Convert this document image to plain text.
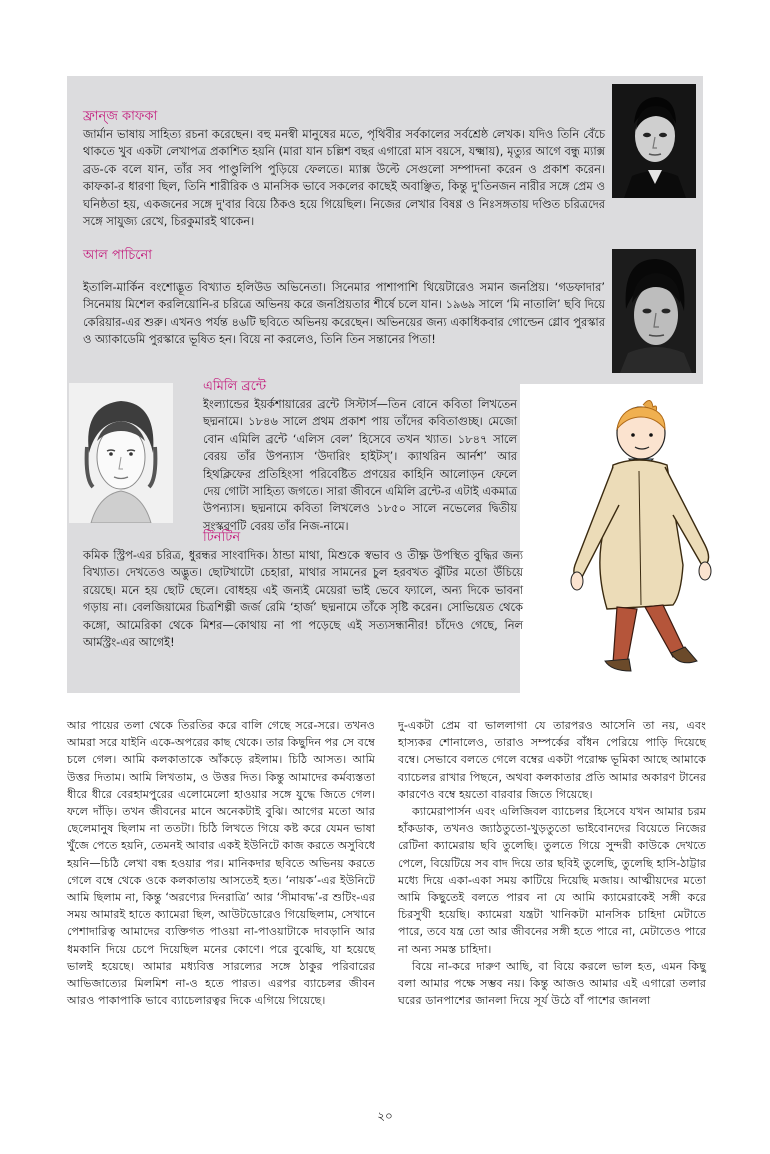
ফ্রান্জ কাফকা

জার্মান ভাষায় সাহিত্য রচনা করেছেন। বহু মনস্বী মানুষের মতে, পৃথিবীর সর্বকালের সর্বশ্রেষ্ঠ লেখক। যদিও তিনি বেঁচে থাকতে খুব একটা লেখাপত্র প্রকাশিত হয়নি (মারা যান চল্লিশ বছর এগারো মাস বয়সে, যক্ষ্মায়), মৃত্যুর আগে বন্ধু ম্যাক্স ব্রড-কে বলে যান, তাঁর সব পাণ্ডুলিপি পুড়িয়ে ফেলতে। ম্যাক্স উল্টে সেগুলো সম্পাদনা করেন ও প্রকাশ করেন। কাফকা-র ধারণা ছিল, তিনি শারীরিক ও মানসিক ভাবে সকলের কাছেই অবাঞ্ছিত, কিন্তু দু'তিনজন নারীর সঙ্গে প্রেম ও ঘনিষ্ঠতা হয়, একজনের সঙ্গে দু'বার বিয়ে ঠিকও হয়ে গিয়েছিল। নিজের লেখার বিষণ্ণ ও নিঃসঙ্গতায় দণ্ডিত চরিত্রদের সঙ্গে সাযুজ্য রেখে, চিরকুমারই থাকেন।

আল পাচিনো

ইতালি-মার্কিন বংশোদ্ভূত বিখ্যাত হলিউড অভিনেতা। সিনেমার পাশাপাশি থিয়েটারেও সমান জনপ্রিয়। ‘গডফাদার’ সিনেমায় মিশেল করলিয়োনি-র চরিত্রে অভিনয় করে জনপ্রিয়তার শীর্ষে চলে যান। ১৯৬৯ সালে ‘মি নাতালি’ ছবি দিয়ে কেরিয়ার-এর শুরু। এখনও পর্যন্ত ৪৬টি ছবিতে অভিনয় করেছেন। অভিনয়ের জন্য একাধিকবার গোল্ডেন গ্লোব পুরস্কার ও অ্যাকাডেমি পুরস্কারে ভূষিত হন। বিয়ে না করলেও, তিনি তিন সন্তানের পিতা!

এমিলি ব্রন্টে

ইংল্যান্ডের ইয়র্কশায়ারের ব্রন্টে সিস্টার্স—তিন বোনে কবিতা লিখতেন ছদ্মনামে। ১৮৪৬ সালে প্রথম প্রকাশ পায় তাঁদের কবিতাগুচ্ছ। মেজো বোন এমিলি ব্রন্টে ‘এলিস বেল’ হিসেবে তখন খ্যাত। ১৮৪৭ সালে বেরয় তাঁর উপন্যাস ‘উদারিং হাইটস্’। ক্যাথরিন আর্নশ’ আর হিথক্লিফের প্রতিহিংসা পরিবেষ্টিত প্রণয়ের কাহিনি আলোড়ন ফেলে দেয় গোটা সাহিত্য জগতে। সারা জীবনে এমিলি ব্রন্টে-র এটাই একমাত্র উপন্যাস। ছদ্মনামে কবিতা লিখলেও ১৮৫০ সালে নভেলের দ্বিতীয় সংস্করণটি বেরয় তাঁর নিজ-নামে।

টিনটিন

কমিক স্ট্রিপ-এর চরিত্র, ধুরন্ধর সাংবাদিক। ঠান্ডা মাথা, মিশুকে স্বভাব ও তীক্ষ্ণ উপস্থিত বুদ্ধির জন্য বিখ্যাত। দেখতেও অদ্ভুত। ছোটখাটো চেহারা, মাথার সামনের চুল হরবখত ঝুঁটির মতো উঁচিয়ে রয়েছে। মনে হয় ছোট ছেলে। বোধহয় এই জন্যই মেয়েরা ভাই ভেবে ফ্যালে, অন্য দিকে ভাবনা গড়ায় না। বেলজিয়ামের চিত্রশিল্পী জর্জ রেমি ‘হার্জ’ ছদ্মনামে তাঁকে সৃষ্টি করেন। সোভিয়েত থেকে কঙ্গো, আমেরিকা থেকে মিশর—কোথায় না পা পড়েছে এই সত্যসন্ধানীর! চাঁদেও গেছে, নিল আর্মস্ট্রং-এর আগেই!

আর পায়ের তলা থেকে তিরতির করে বালি গেছে সরে-সরে। তখনও আমরা সরে যাইনি একে-অপরের কাছ থেকে। তার কিছুদিন পর সে বম্বে চলে গেল। আমি কলকাতাকে আঁকড়ে রইলাম। চিঠি আসত। আমি উত্তর দিতাম। আমি লিখতাম, ও উত্তর দিত। কিন্তু আমাদের কর্মব্যস্ততা ধীরে ধীরে বেরহামপুরের এলোমেলো হাওয়ার সঙ্গে যুদ্ধে জিতে গেল। ফলে দাঁড়ি। তখন জীবনের মানে অনেকটাই বুঝি। আগের মতো আর ছেলেমানুষ ছিলাম না ততটা। চিঠি লিখতে গিয়ে কষ্ট করে যেমন ভাষা খুঁজে পেতে হয়নি, তেমনই আবার একই ইউনিটে কাজ করতে অসুবিধে হয়নি—চিঠি লেখা বন্ধ হওয়ার পর। মানিকদার ছবিতে অভিনয় করতে গেলে বম্বে থেকে ওকে কলকাতায় আসতেই হত। ‘নায়ক’-এর ইউনিটে আমি ছিলাম না, কিন্তু ‘অরণ্যের দিনরাত্রি’ আর ‘সীমাবদ্ধ’-র শুটিং-এর সময় আমারই হাতে ক্যামেরা ছিল, আউটডোরেও গিয়েছিলাম, সেখানে পেশাদারিত্ব আমাদের ব্যক্তিগত পাওয়া না-পাওয়াটাকে দাবড়ানি আর ধমকানি দিয়ে চেপে দিয়েছিল মনের কোণে। পরে বুঝেছি, যা হয়েছে ভালই হয়েছে। আমার মধ্যবিত্ত সারল্যের সঙ্গে ঠাকুর পরিবারের আভিজাত্যের মিলমিশ না-ও হতে পারত। এরপর ব্যাচেলর জীবন আরও পাকাপাকি ভাবে ব্যাচেলারত্বর দিকে এগিয়ে গিয়েছে।

দু-একটা প্রেম বা ভাললাগা যে তারপরও আসেনি তা নয়, এবং হাস্যকর শোনালেও, তারাও সম্পর্কের বাঁধন পেরিয়ে পাড়ি দিয়েছে বম্বে। সেভাবে বলতে গেলে বম্বের একটা পরোক্ষ ভূমিকা আছে আমাকে ব্যাচেলর রাখার পিছনে, অথবা কলকাতার প্রতি আমার অকারণ টানের কারণেও বম্বে হয়তো বারবার জিতে গিয়েছে।

ক্যামেরাপার্সন এবং এলিজিবল ব্যাচেলর হিসেবে যখন আমার চরম হাঁকডাক, তখনও জ্যাঠতুতো-খুড়তুতো ভাইবোনদের বিয়েতে নিজের রেটিনা ক্যামেরায় ছবি তুলেছি। তুলতে গিয়ে সুন্দরী কাউকে দেখতে পেলে, বিয়েটিয়ে সব বাদ দিয়ে তার ছবিই তুলেছি, তুলেছি হাসি-ঠাট্টার মধ্যে দিয়ে একা-একা সময় কাটিয়ে দিয়েছি মজায়। আত্মীয়দের মতো আমি কিছুতেই বলতে পারব না যে আমি ক্যামেরাকেই সঙ্গী করে চিরসুখী হয়েছি। ক্যামেরা যন্ত্রটা খানিকটা মানসিক চাহিদা মেটাতে পারে, তবে যন্ত্র তো আর জীবনের সঙ্গী হতে পারে না, মেটাতেও পারে না অন্য সমস্ত চাহিদা।

বিয়ে না-করে দারুণ আছি, বা বিয়ে করলে ভাল হত, এমন কিছু বলা আমার পক্ষে সম্ভব নয়। কিন্তু আজও আমার এই এগারো তলার ঘরের ডানপাশের জানলা দিয়ে সূর্য উঠে বাঁ পাশের জানলা

২০
